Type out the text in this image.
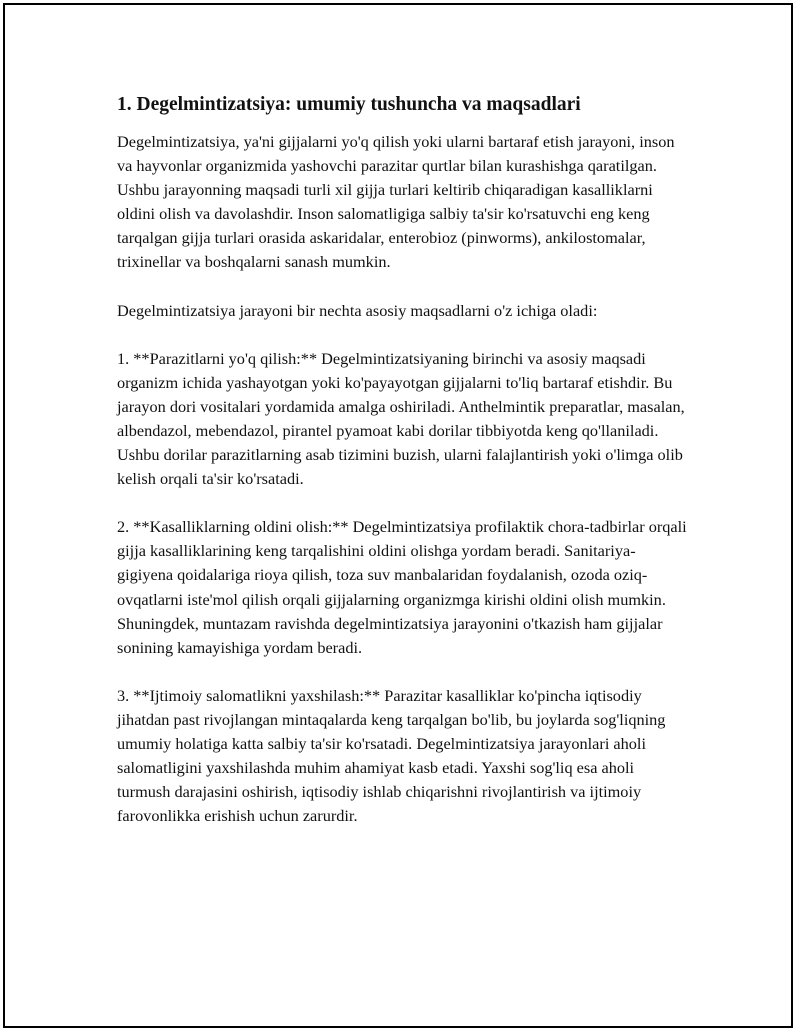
1. Degelmintizatsiya: umumiy tushuncha va maqsadlari

Degelmintizatsiya, ya'ni gijjalarni yo'q qilish yoki ularni bartaraf etish jarayoni, inson va hayvonlar organizmida yashovchi parazitar qurtlar bilan kurashishga qaratilgan. Ushbu jarayonning maqsadi turli xil gijja turlari keltirib chiqaradigan kasalliklarni oldini olish va davolashdir. Inson salomatligiga salbiy ta'sir ko'rsatuvchi eng keng tarqalgan gijja turlari orasida askaridalar, enterobioz (pinworms), ankilostomalar, trixinellar va boshqalarni sanash mumkin.

Degelmintizatsiya jarayoni bir nechta asosiy maqsadlarni o'z ichiga oladi:

1. **Parazitlarni yo'q qilish:** Degelmintizatsiyaning birinchi va asosiy maqsadi organizm ichida yashayotgan yoki ko'payayotgan gijjalarni to'liq bartaraf etishdir. Bu jarayon dori vositalari yordamida amalga oshiriladi. Anthelmintik preparatlar, masalan, albendazol, mebendazol, pirantel pyamoat kabi dorilar tibbiyotda keng qo'llaniladi. Ushbu dorilar parazitlarning asab tizimini buzish, ularni falajlantirish yoki o'limga olib kelish orqali ta'sir ko'rsatadi.

2. **Kasalliklarning oldini olish:** Degelmintizatsiya profilaktik chora-tadbirlar orqali gijja kasalliklarining keng tarqalishini oldini olishga yordam beradi. Sanitariya-gigiyena qoidalariga rioya qilish, toza suv manbalaridan foydalanish, ozoda oziq-ovqatlarni iste'mol qilish orqali gijjalarning organizmga kirishi oldini olish mumkin. Shuningdek, muntazam ravishda degelmintizatsiya jarayonini o'tkazish ham gijjalar sonining kamayishiga yordam beradi.

3. **Ijtimoiy salomatlikni yaxshilash:** Parazitar kasalliklar ko'pincha iqtisodiy jihatdan past rivojlangan mintaqalarda keng tarqalgan bo'lib, bu joylarda sog'liqning umumiy holatiga katta salbiy ta'sir ko'rsatadi. Degelmintizatsiya jarayonlari aholi salomatligini yaxshilashda muhim ahamiyat kasb etadi. Yaxshi sog'liq esa aholi turmush darajasini oshirish, iqtisodiy ishlab chiqarishni rivojlantirish va ijtimoiy farovonlikka erishish uchun zarurdir.
